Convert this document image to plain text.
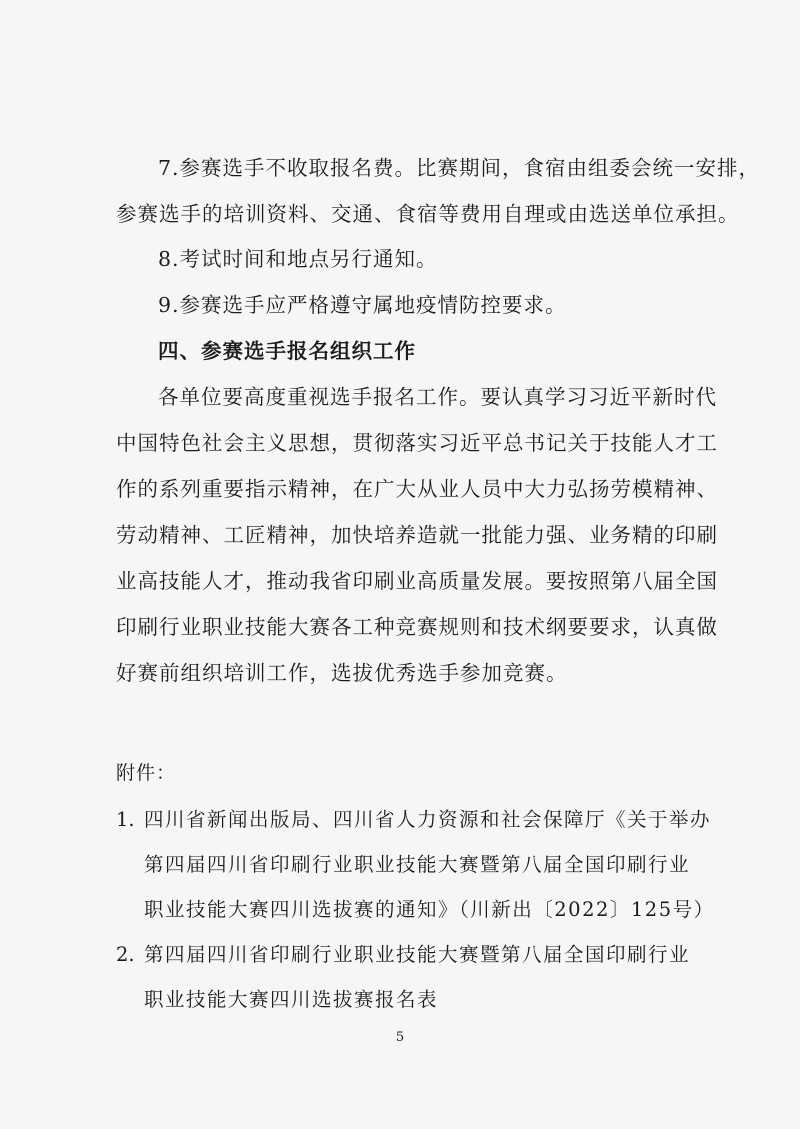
7.参赛选手不收取报名费。比赛期间，食宿由组委会统一安排，
参赛选手的培训资料、交通、食宿等费用自理或由选送单位承担。
8.考试时间和地点另行通知。
9.参赛选手应严格遵守属地疫情防控要求。
四、参赛选手报名组织工作
各单位要高度重视选手报名工作。要认真学习习近平新时代
中国特色社会主义思想，贯彻落实习近平总书记关于技能人才工
作的系列重要指示精神，在广大从业人员中大力弘扬劳模精神、
劳动精神、工匠精神，加快培养造就一批能力强、业务精的印刷
业高技能人才，推动我省印刷业高质量发展。要按照第八届全国
印刷行业职业技能大赛各工种竞赛规则和技术纲要要求，认真做
好赛前组织培训工作，选拔优秀选手参加竞赛。
附件：
1. 四川省新闻出版局、四川省人力资源和社会保障厅《关于举办
第四届四川省印刷行业职业技能大赛暨第八届全国印刷行业
职业技能大赛四川选拔赛的通知》（川新出〔2022〕125号）
2. 第四届四川省印刷行业职业技能大赛暨第八届全国印刷行业
职业技能大赛四川选拔赛报名表
5
